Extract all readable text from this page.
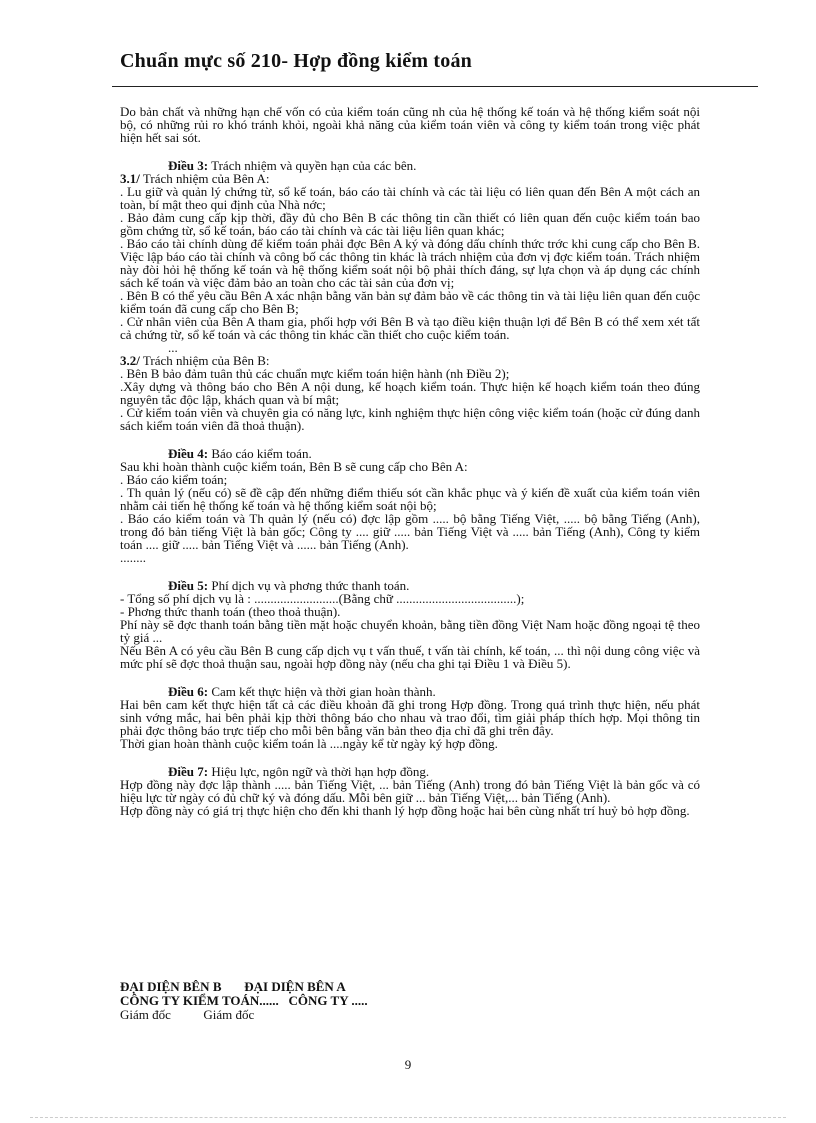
Chuẩn mực số 210- Hợp đồng kiểm toán

Do bản chất và những hạn chế vốn có của kiểm toán cũng nh của hệ thống kế toán và hệ thống kiểm soát nội bộ, có những rủi ro khó tránh khỏi, ngoài khả năng của kiểm toán viên và công ty kiểm toán trong việc phát hiện hết sai sót.

Điều 3: Trách nhiệm và quyền hạn của các bên.

3.1/ Trách nhiệm của Bên A:

. Lu giữ và quản lý chứng từ, sổ kế toán, báo cáo tài chính và các tài liệu có liên quan đến Bên A một cách an toàn, bí mật theo qui định của Nhà nớc;

. Bảo đảm cung cấp kịp thời, đầy đủ cho Bên B các thông tin cần thiết có liên quan đến cuộc kiểm toán bao gồm chứng từ, sổ kế toán, báo cáo tài chính và các tài liệu liên quan khác;

. Báo cáo tài chính dùng để kiểm toán phải đợc Bên A ký và đóng dấu chính thức trớc khi cung cấp cho Bên B. Việc lập báo cáo tài chính và công bố các thông tin khác là trách nhiệm của đơn vị đợc kiểm toán. Trách nhiệm này đòi hỏi hệ thống kế toán và hệ thống kiểm soát nội bộ phải thích đáng, sự lựa chọn và áp dụng các chính sách kế toán và việc đảm bảo an toàn cho các tài sản của đơn vị;

. Bên B có thể yêu cầu Bên A xác nhận bằng văn bản sự đảm bảo về các thông tin và tài liệu liên quan đến cuộc kiểm toán đã cung cấp cho Bên B;

. Cử nhân viên của Bên A tham gia, phối hợp với Bên B và tạo điều kiện thuận lợi để Bên B có thể xem xét tất cả chứng từ, sổ kế toán và các thông tin khác cần thiết cho cuộc kiểm toán.

...

3.2/ Trách nhiệm của Bên B:

. Bên B bảo đảm tuân thủ các chuẩn mực kiểm toán hiện hành (nh Điều 2);

.Xây dựng và thông báo cho Bên A nội dung, kế hoạch kiểm toán. Thực hiện kế hoạch kiểm toán theo đúng nguyên tắc độc lập, khách quan và bí mật;

. Cử kiểm toán viên và chuyên gia có năng lực, kinh nghiệm thực hiện công việc kiểm toán (hoặc cử đúng danh sách kiểm toán viên đã thoả thuận).

Điều 4: Báo cáo kiểm toán.

Sau khi hoàn thành cuộc kiểm toán, Bên B sẽ cung cấp cho Bên A:

. Báo cáo kiểm toán;

. Th quản lý (nếu có) sẽ đề cập đến những điểm thiếu sót cần khắc phục và ý kiến đề xuất của kiểm toán viên nhằm cải tiến hệ thống kế toán và hệ thống kiểm soát nội bộ;

. Báo cáo kiểm toán và Th quản lý (nếu có) đợc lập gồm ..... bộ bằng Tiếng Việt, ..... bộ bằng Tiếng (Anh), trong đó bản tiếng Việt là bản gốc; Công ty .... giữ ..... bản Tiếng Việt và ..... bản Tiếng (Anh), Công ty kiểm toán .... giữ ..... bản Tiếng Việt và ...... bản Tiếng (Anh).

........

Điều 5: Phí dịch vụ và phơng thức thanh toán.

- Tổng số phí dịch vụ là : ..........................(Bằng chữ .....................................);

- Phơng thức thanh toán (theo thoả thuận).

Phí này sẽ đợc thanh toán bằng tiền mặt hoặc chuyển khoản, bằng tiền đồng Việt Nam hoặc đồng ngoại tệ theo tỷ giá ...

Nếu Bên A có yêu cầu Bên B cung cấp dịch vụ t vấn thuế, t vấn tài chính, kế toán, ... thì nội dung công việc và mức phí sẽ đợc thoả thuận sau, ngoài hợp đồng này (nếu cha ghi tại Điều 1 và Điều 5).

Điều 6: Cam kết thực hiện và thời gian hoàn thành.

Hai bên cam kết thực hiện tất cả các điều khoản đã ghi trong Hợp đồng. Trong quá trình thực hiện, nếu phát sinh vớng mắc, hai bên phải kịp thời thông báo cho nhau và trao đổi, tìm giải pháp thích hợp. Mọi thông tin phải đợc thông báo trực tiếp cho mỗi bên bằng văn bản theo địa chỉ đã ghi trên đây.

Thời gian hoàn thành cuộc kiểm toán là ....ngày kể từ ngày ký hợp đồng.

Điều 7: Hiệu lực, ngôn ngữ và thời hạn hợp đồng.

Hợp đồng này đợc lập thành ..... bản Tiếng Việt, ... bản Tiếng (Anh) trong đó bản Tiếng Việt là bản gốc và có hiệu lực từ ngày có đủ chữ ký và đóng dấu. Mỗi bên giữ ... bản Tiếng Việt,... bản Tiếng (Anh).

Hợp đồng này có giá trị thực hiện cho đến khi thanh lý hợp đồng hoặc hai bên cùng nhất trí huỷ bỏ hợp đồng.

ĐẠI DIỆN BÊN B ĐẠI DIỆN BÊN A
CÔNG TY KIỂM TOÁN...... CÔNG TY .....
Giám đốc	Giám đốc
9
